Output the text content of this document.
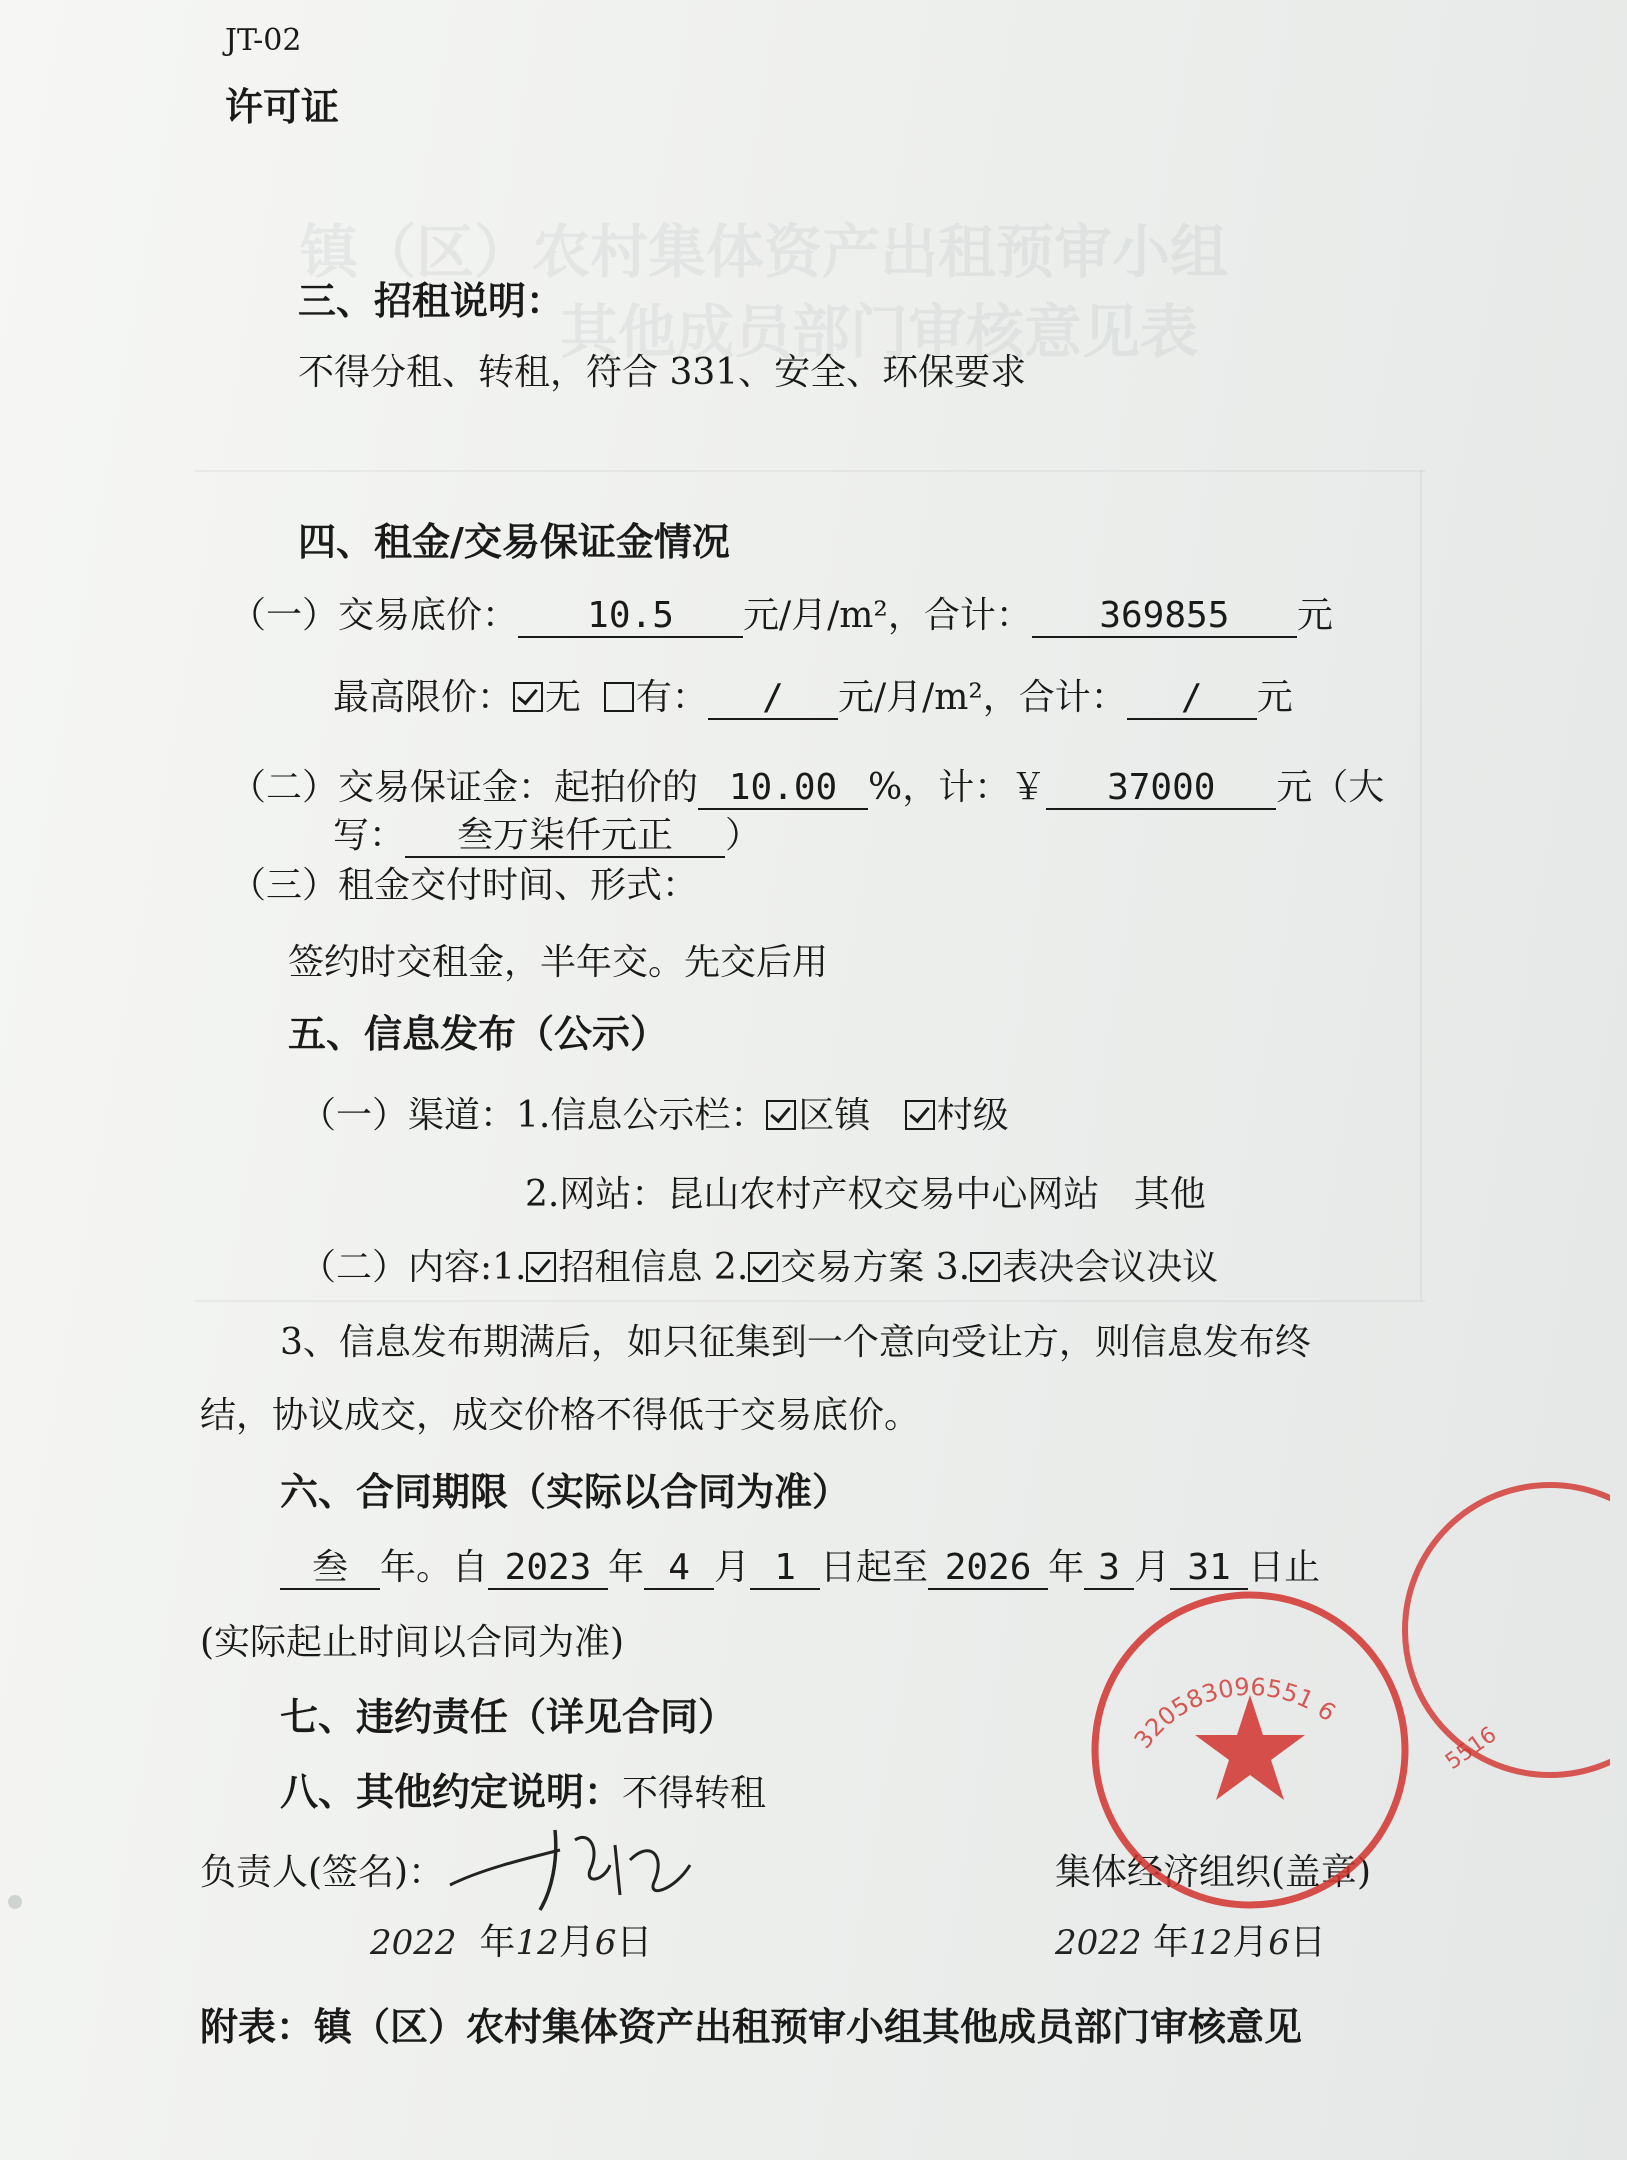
镇（区）农村集体资产出租预审小组
其他成员部门审核意见表
JT-02
许可证
三、招租说明：
不得分租、转租，符合 331、安全、环保要求
四、租金/交易保证金情况
（一）交易底价： 10.5 元/月/m²，合计： 369855 元
最高限价： 无 有： / 元/月/m²，合计： / 元
（二）交易保证金：起拍价的 10.00 %，计：￥ 37000 元（大
写： 叁万柒仟元正 ）
（三）租金交付时间、形式：
签约时交租金，半年交。先交后用
五、信息发布（公示）
（一）渠道：1.信息公示栏： 区镇 村级
2.网站：昆山农村产权交易中心网站 其他
（二）内容:1. 招租信息 2. 交易方案 3. 表决会议决议
3、信息发布期满后，如只征集到一个意向受让方，则信息发布终
结，协议成交，成交价格不得低于交易底价。
六、合同期限（实际以合同为准）
叁 年。自 2023 年 4 月 1 日起至 2026 年 3 月 31 日止
(实际起止时间以合同为准)
七、违约责任（详见合同）
八、其他约定说明：不得转租
负责人(签名)：	集体经济组织(盖章)
2022 年12月6日	2022 年12月6日
320583096551 6
5516
附表：镇（区）农村集体资产出租预审小组其他成员部门审核意见
